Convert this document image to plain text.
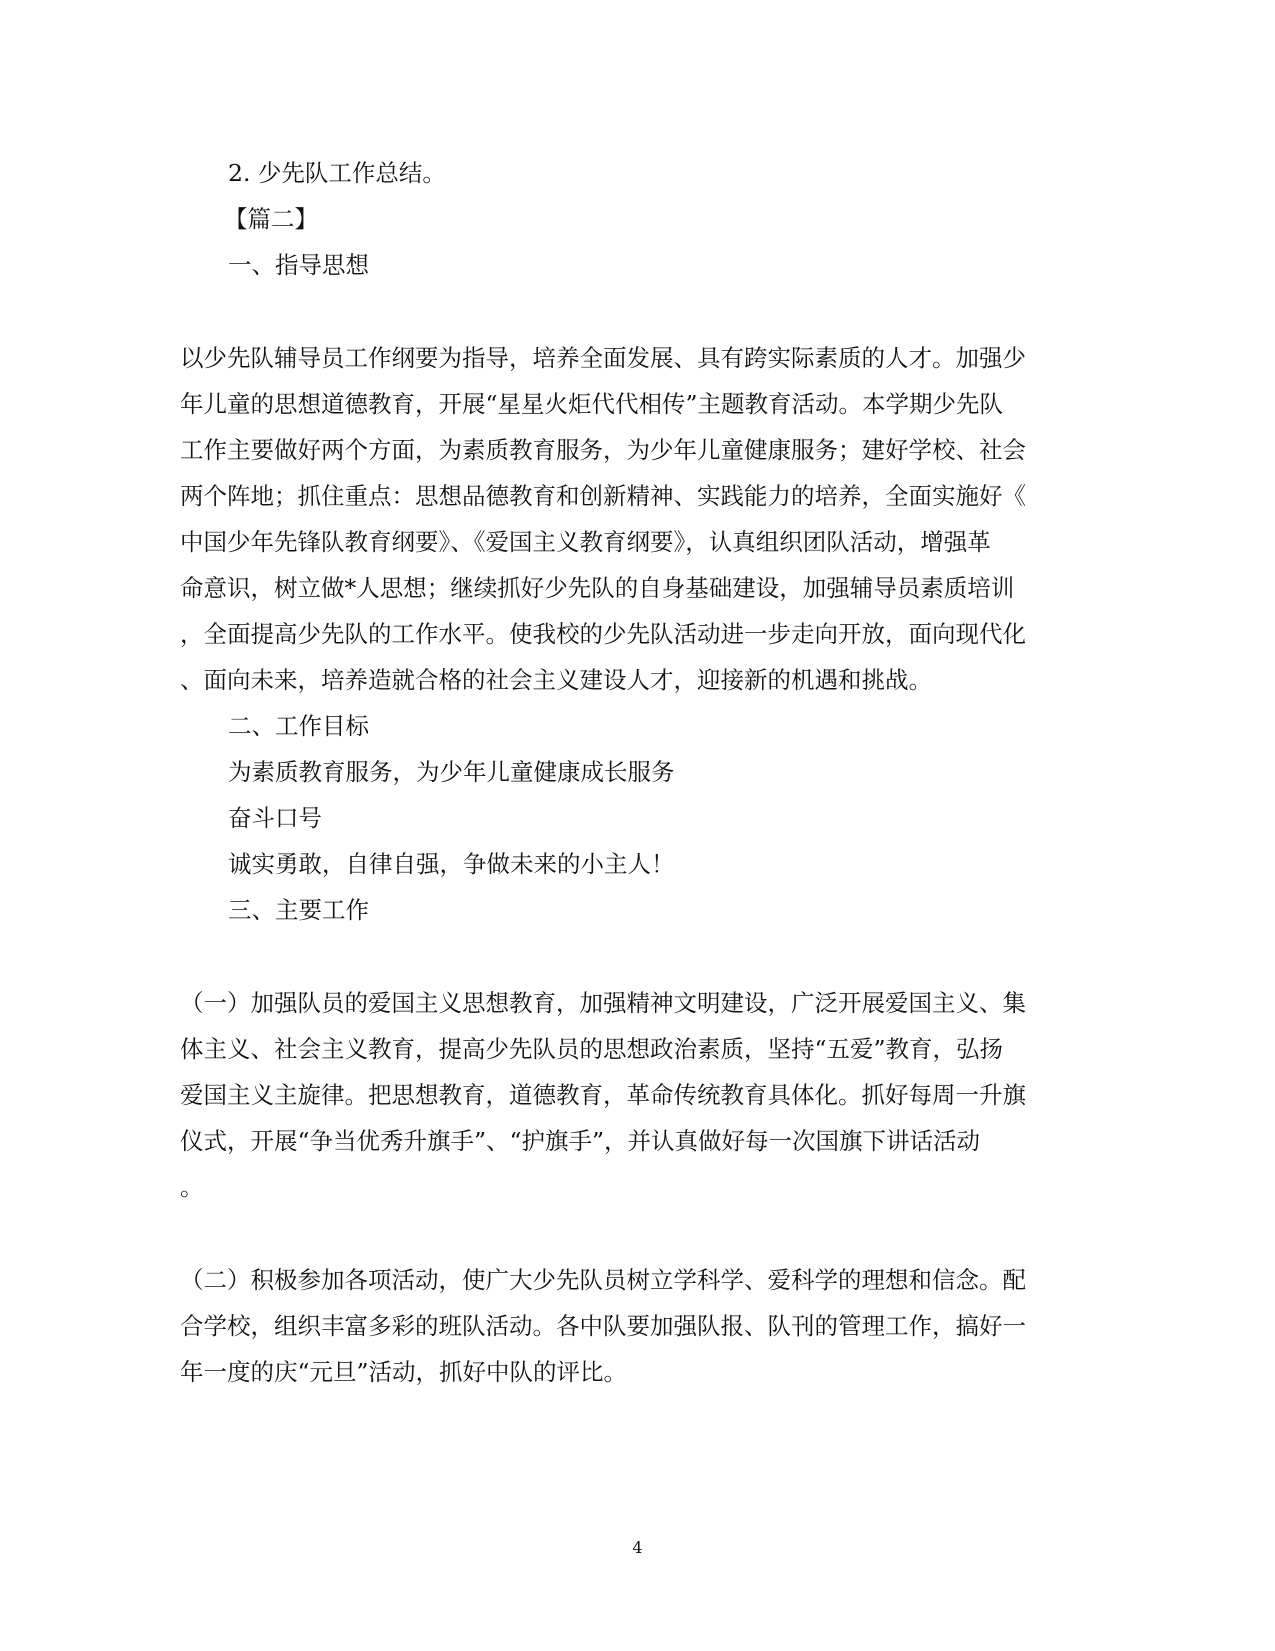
2. 少先队工作总结。

【篇二】

一、指导思想

以少先队辅导员工作纲要为指导，培养全面发展、具有跨实际素质的人才。加强少

年儿童的思想道德教育，开展“星星火炬代代相传”主题教育活动。本学期少先队

工作主要做好两个方面，为素质教育服务，为少年儿童健康服务；建好学校、社会

两个阵地；抓住重点：思想品德教育和创新精神、实践能力的培养，全面实施好《

中国少年先锋队教育纲要》、《爱国主义教育纲要》，认真组织团队活动，增强革

命意识，树立做*人思想；继续抓好少先队的自身基础建设，加强辅导员素质培训

，全面提高少先队的工作水平。使我校的少先队活动进一步走向开放，面向现代化

、面向未来，培养造就合格的社会主义建设人才，迎接新的机遇和挑战。

二、工作目标

为素质教育服务，为少年儿童健康成长服务

奋斗口号

诚实勇敢，自律自强，争做未来的小主人！

三、主要工作

（一）加强队员的爱国主义思想教育，加强精神文明建设，广泛开展爱国主义、集

体主义、社会主义教育，提高少先队员的思想政治素质，坚持“五爱”教育，弘扬

爱国主义主旋律。把思想教育，道德教育，革命传统教育具体化。抓好每周一升旗

仪式，开展“争当优秀升旗手”、“护旗手”，并认真做好每一次国旗下讲话活动

。

（二）积极参加各项活动，使广大少先队员树立学科学、爱科学的理想和信念。配

合学校，组织丰富多彩的班队活动。各中队要加强队报、队刊的管理工作，搞好一

年一度的庆“元旦”活动，抓好中队的评比。

4
